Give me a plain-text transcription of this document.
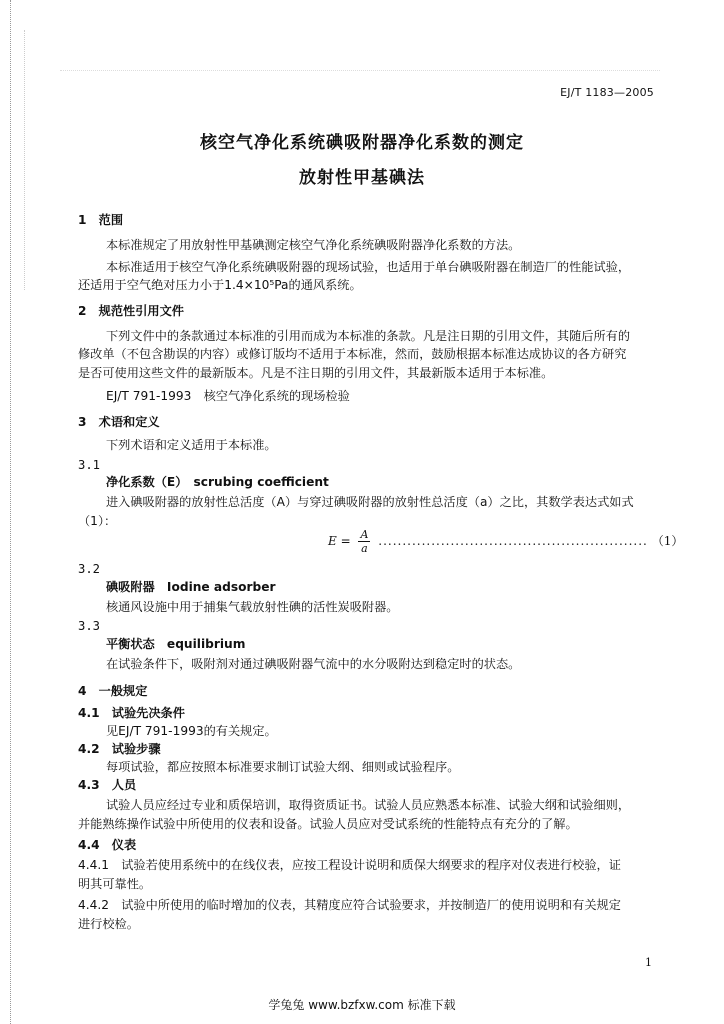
EJ/T 1183—2005
核空气净化系统碘吸附器净化系数的测定
放射性甲基碘法
1　范围
本标准规定了用放射性甲基碘测定核空气净化系统碘吸附器净化系数的方法。
本标准适用于核空气净化系统碘吸附器的现场试验，也适用于单台碘吸附器在制造厂的性能试验，
还适用于空气绝对压力小于1.4×10⁵Pa的通风系统。
2　规范性引用文件
下列文件中的条款通过本标准的引用而成为本标准的条款。凡是注日期的引用文件，其随后所有的
修改单（不包含勘误的内容）或修订版均不适用于本标准，然而，鼓励根据本标准达成协议的各方研究
是否可使用这些文件的最新版本。凡是不注日期的引用文件，其最新版本适用于本标准。
EJ/T 791-1993　核空气净化系统的现场检验
3　术语和定义
下列术语和定义适用于本标准。
3.1
净化系数（E）　scrubing coefficient
进入碘吸附器的放射性总活度（A）与穿过碘吸附器的放射性总活度（a）之比，其数学表达式如式
（1）：
$E = \frac{A}{a}$ ........................................................ （1）
3.2
碘吸附器　Iodine adsorber
核通风设施中用于捕集气载放射性碘的活性炭吸附器。
3.3
平衡状态　equilibrium
在试验条件下，吸附剂对通过碘吸附器气流中的水分吸附达到稳定时的状态。
4　一般规定
4.1　试验先决条件
见EJ/T 791-1993的有关规定。
4.2　试验步骤
每项试验，都应按照本标准要求制订试验大纲、细则或试验程序。
4.3　人员
试验人员应经过专业和质保培训，取得资质证书。试验人员应熟悉本标准、试验大纲和试验细则，
并能熟练操作试验中所使用的仪表和设备。试验人员应对受试系统的性能特点有充分的了解。
4.4　仪表
4.4.1　试验若使用系统中的在线仪表，应按工程设计说明和质保大纲要求的程序对仪表进行校验，证
明其可靠性。
4.4.2　试验中所使用的临时增加的仪表，其精度应符合试验要求，并按制造厂的使用说明和有关规定
进行校检。
1
学兔兔 www.bzfxw.com 标准下载
